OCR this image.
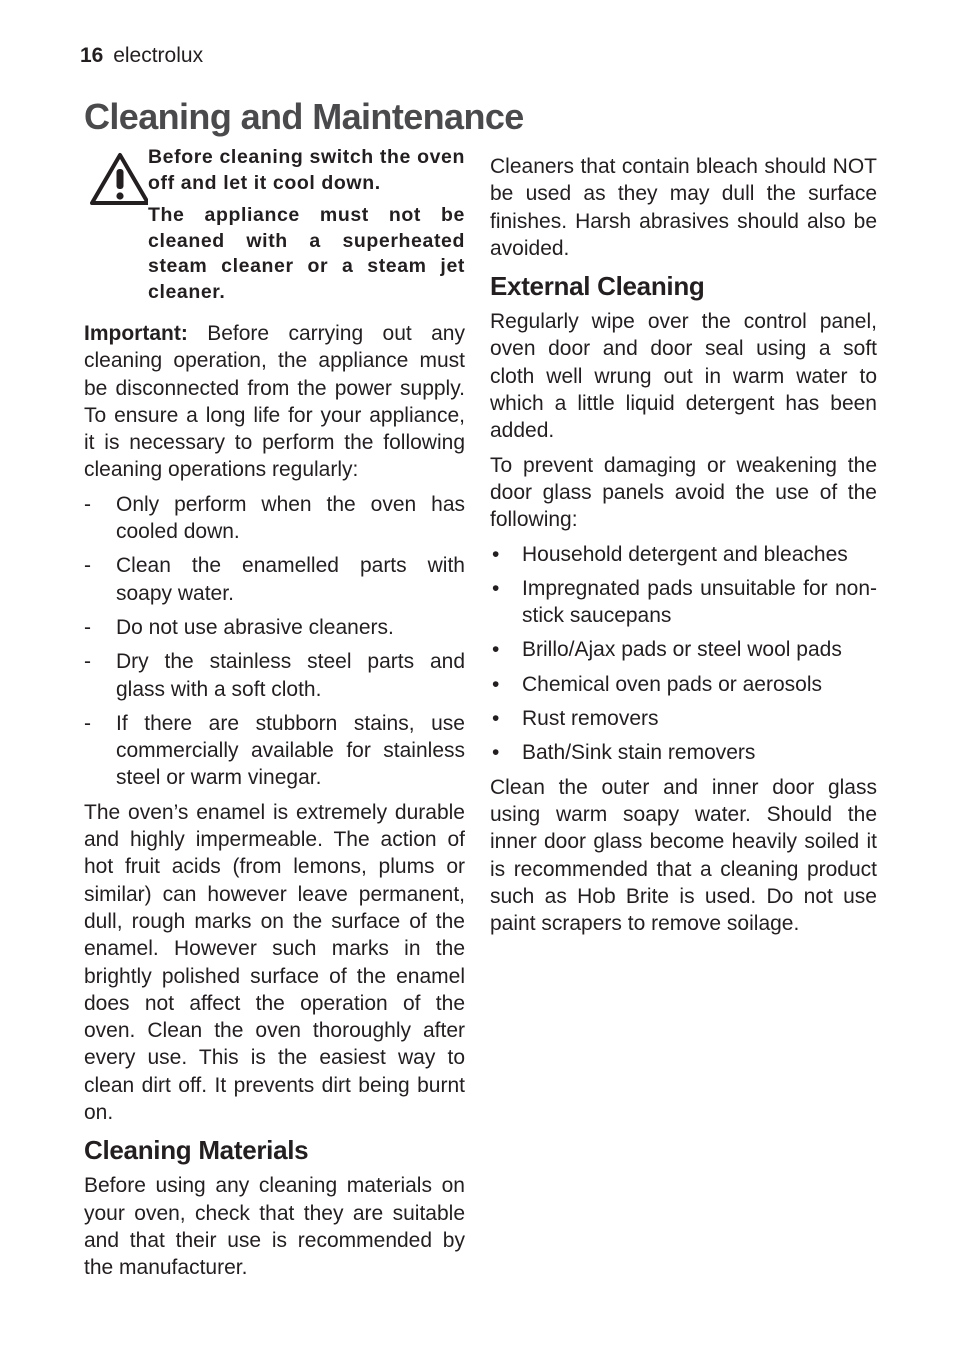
16 electrolux
Cleaning and Maintenance

Before cleaning switch the oven off and let it cool down.

The appliance must not be cleaned with a superheated steam cleaner or a steam jet cleaner.

Important: Before carrying out any cleaning operation, the appliance must be disconnected from the power supply. To ensure a long life for your appliance, it is necessary to perform the following cleaning operations regularly:

- Only perform when the oven has cooled down.
- Clean the enamelled parts with soapy water.
- Do not use abrasive cleaners.
- Dry the stainless steel parts and glass with a soft cloth.
- If there are stubborn stains, use commercially available for stainless steel or warm vinegar.

The oven’s enamel is extremely durable and highly impermeable. The action of hot fruit acids (from lemons, plums or similar) can however leave permanent, dull, rough marks on the surface of the enamel. However such marks in the brightly polished surface of the enamel does not affect the operation of the oven. Clean the oven thoroughly after every use. This is the easiest way to clean dirt off. It prevents dirt being burnt on.

Cleaning Materials

Before using any cleaning materials on your oven, check that they are suitable and that their use is recommended by the manufacturer.

Cleaners that contain bleach should NOT be used as they may dull the surface finishes. Harsh abrasives should also be avoided.

External Cleaning

Regularly wipe over the control panel, oven door and door seal using a soft cloth well wrung out in warm water to which a little liquid detergent has been added.

To prevent damaging or weakening the door glass panels avoid the use of the following:

• Household detergent and bleaches
• Impregnated pads unsuitable for non-stick saucepans
• Brillo/Ajax pads or steel wool pads
• Chemical oven pads or aerosols
• Rust removers
• Bath/Sink stain removers

Clean the outer and inner door glass using warm soapy water. Should the inner door glass become heavily soiled it is recommended that a cleaning product such as Hob Brite is used. Do not use paint scrapers to remove soilage.
